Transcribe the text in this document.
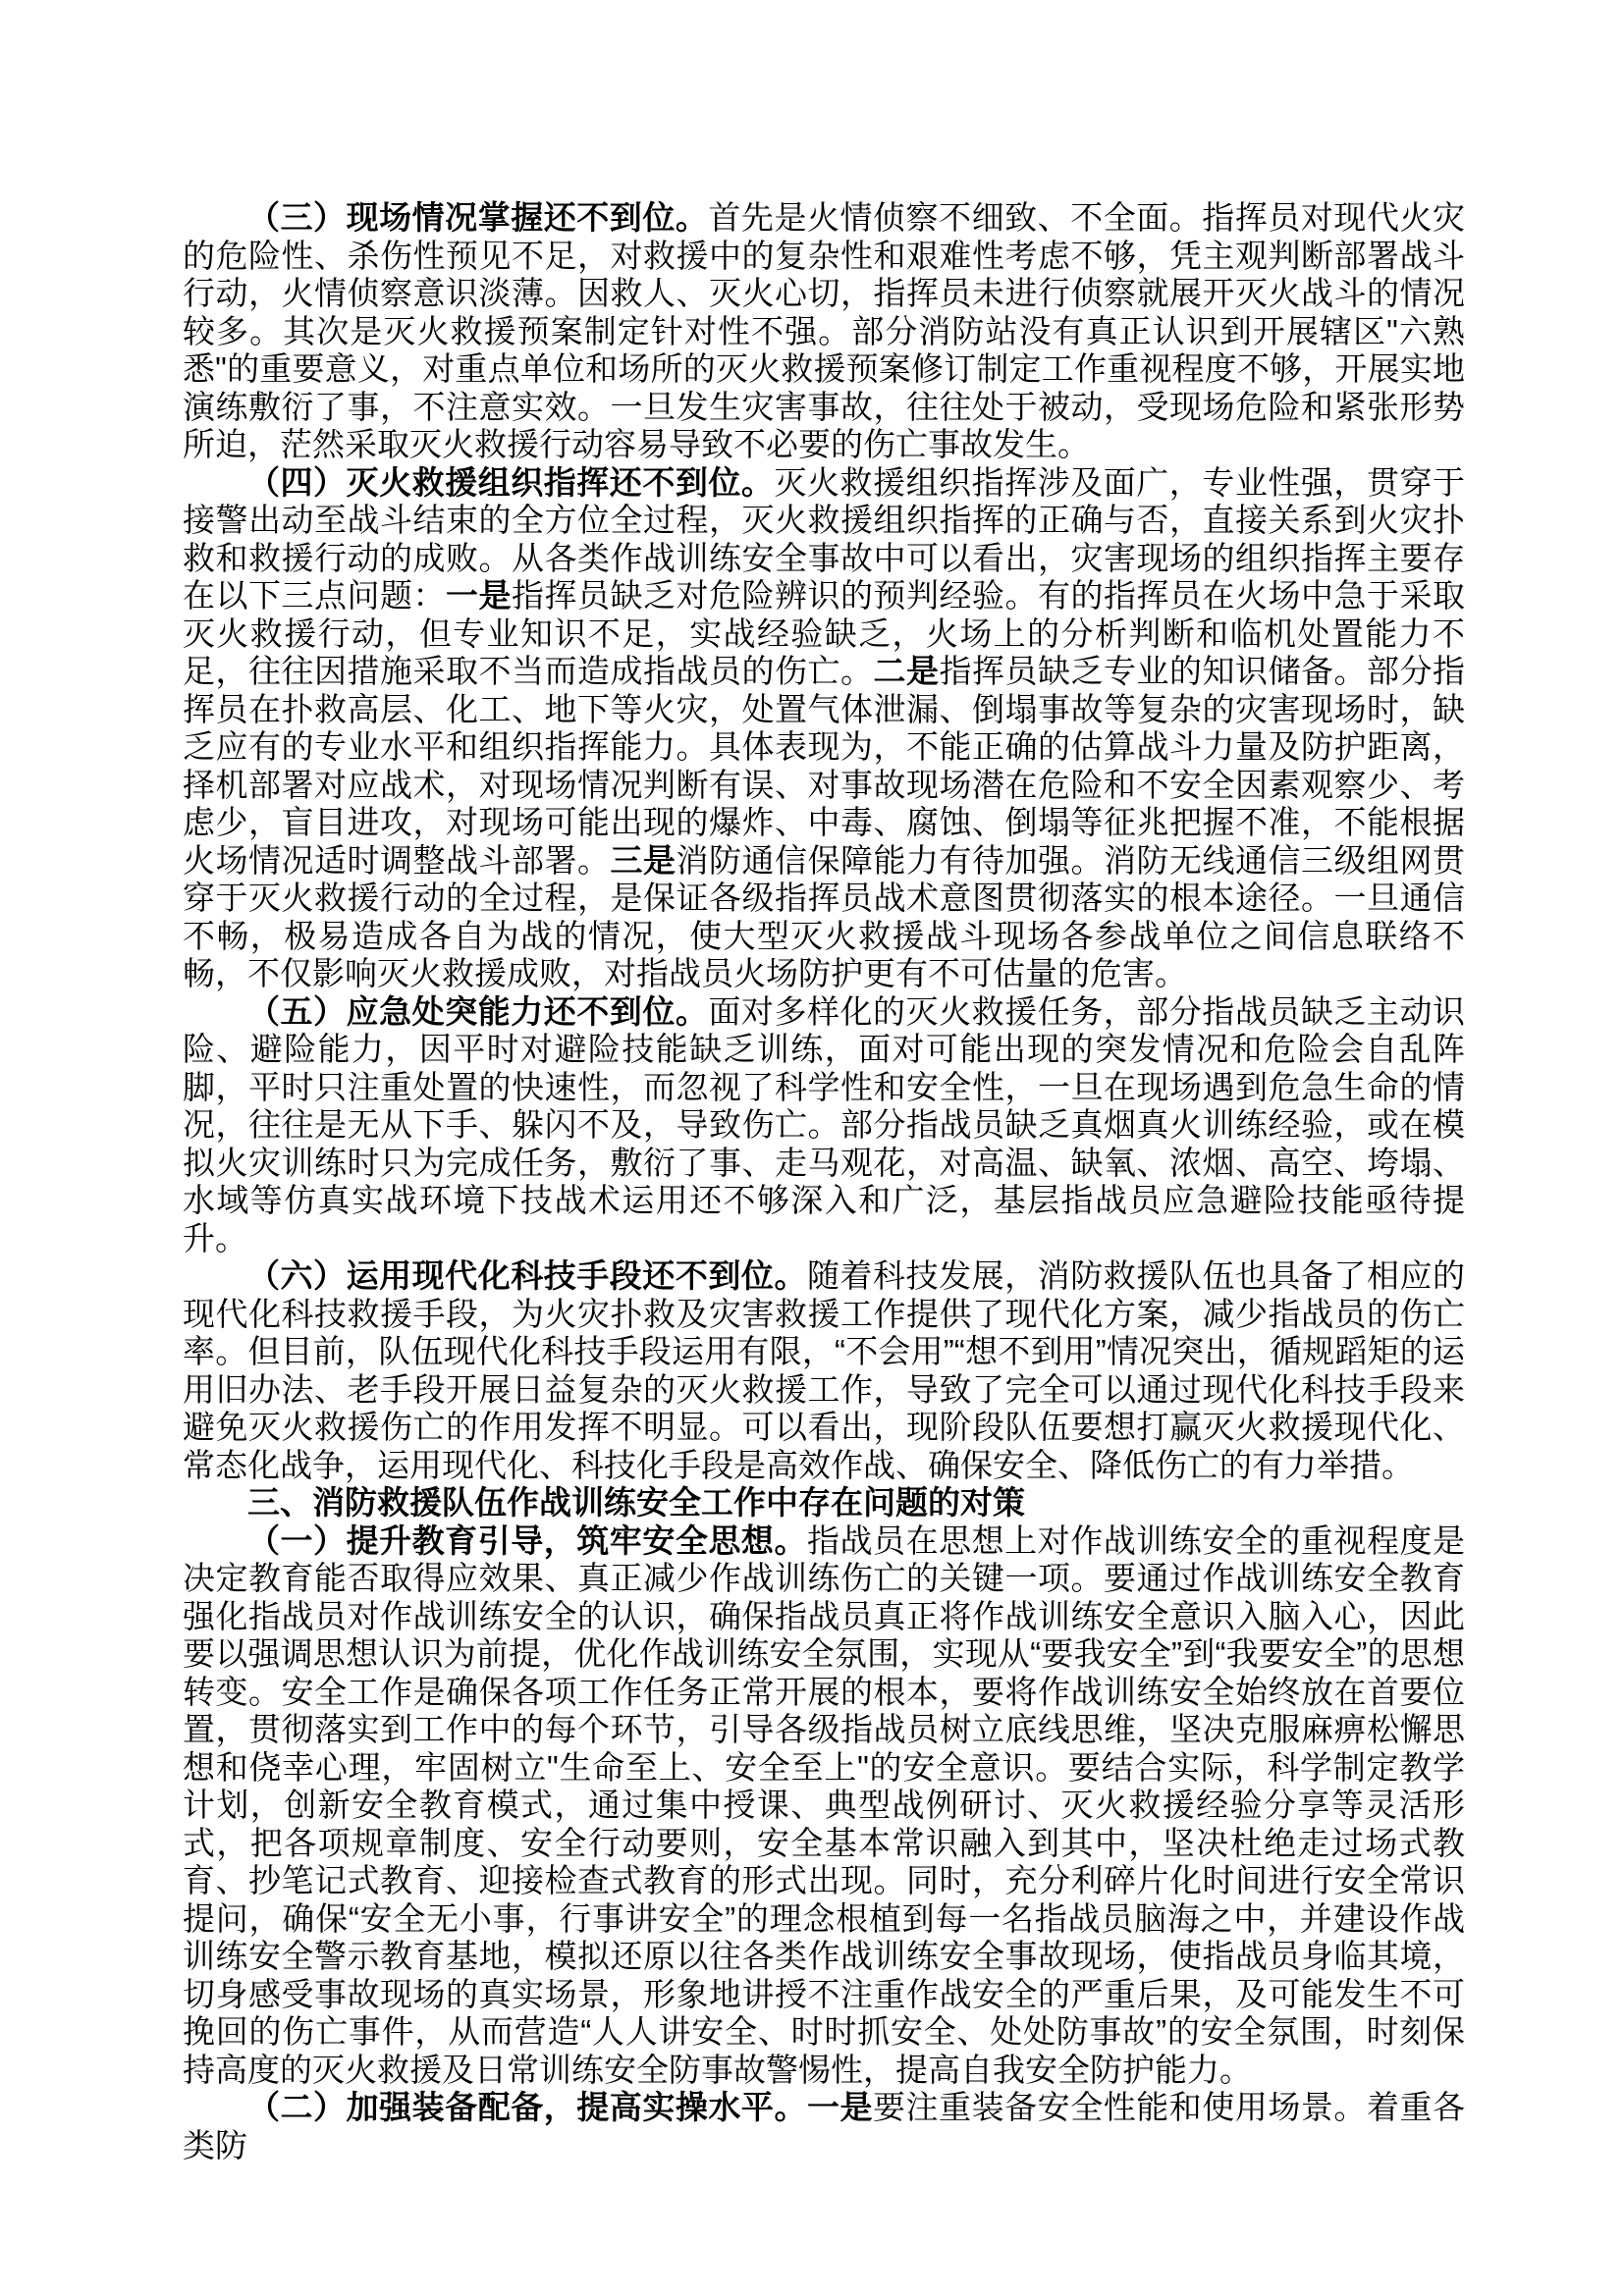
（三）现场情况掌握还不到位。首先是火情侦察不细致、不全面。指挥员对现代火灾的危险性、杀伤性预见不足，对救援中的复杂性和艰难性考虑不够，凭主观判断部署战斗行动，火情侦察意识淡薄。因救人、灭火心切，指挥员未进行侦察就展开灭火战斗的情况较多。其次是灭火救援预案制定针对性不强。部分消防站没有真正认识到开展辖区"六熟悉"的重要意义，对重点单位和场所的灭火救援预案修订制定工作重视程度不够，开展实地演练敷衍了事，不注意实效。一旦发生灾害事故，往往处于被动，受现场危险和紧张形势所迫，茫然采取灭火救援行动容易导致不必要的伤亡事故发生。

（四）灭火救援组织指挥还不到位。灭火救援组织指挥涉及面广，专业性强，贯穿于接警出动至战斗结束的全方位全过程，灭火救援组织指挥的正确与否，直接关系到火灾扑救和救援行动的成败。从各类作战训练安全事故中可以看出，灾害现场的组织指挥主要存在以下三点问题：一是指挥员缺乏对危险辨识的预判经验。有的指挥员在火场中急于采取灭火救援行动，但专业知识不足，实战经验缺乏，火场上的分析判断和临机处置能力不足，往往因措施采取不当而造成指战员的伤亡。二是指挥员缺乏专业的知识储备。部分指挥员在扑救高层、化工、地下等火灾，处置气体泄漏、倒塌事故等复杂的灾害现场时，缺乏应有的专业水平和组织指挥能力。具体表现为，不能正确的估算战斗力量及防护距离，择机部署对应战术，对现场情况判断有误、对事故现场潜在危险和不安全因素观察少、考虑少，盲目进攻，对现场可能出现的爆炸、中毒、腐蚀、倒塌等征兆把握不准，不能根据火场情况适时调整战斗部署。三是消防通信保障能力有待加强。消防无线通信三级组网贯穿于灭火救援行动的全过程，是保证各级指挥员战术意图贯彻落实的根本途径。一旦通信不畅，极易造成各自为战的情况，使大型灭火救援战斗现场各参战单位之间信息联络不畅，不仅影响灭火救援成败，对指战员火场防护更有不可估量的危害。

（五）应急处突能力还不到位。面对多样化的灭火救援任务，部分指战员缺乏主动识险、避险能力，因平时对避险技能缺乏训练，面对可能出现的突发情况和危险会自乱阵脚，平时只注重处置的快速性，而忽视了科学性和安全性，一旦在现场遇到危急生命的情况，往往是无从下手、躲闪不及，导致伤亡。部分指战员缺乏真烟真火训练经验，或在模拟火灾训练时只为完成任务，敷衍了事、走马观花，对高温、缺氧、浓烟、高空、垮塌、水域等仿真实战环境下技战术运用还不够深入和广泛，基层指战员应急避险技能亟待提升。

（六）运用现代化科技手段还不到位。随着科技发展，消防救援队伍也具备了相应的现代化科技救援手段，为火灾扑救及灾害救援工作提供了现代化方案，减少指战员的伤亡率。但目前，队伍现代化科技手段运用有限，“不会用”“想不到用”情况突出，循规蹈矩的运用旧办法、老手段开展日益复杂的灭火救援工作，导致了完全可以通过现代化科技手段来避免灭火救援伤亡的作用发挥不明显。可以看出，现阶段队伍要想打赢灭火救援现代化、常态化战争，运用现代化、科技化手段是高效作战、确保安全、降低伤亡的有力举措。

三、消防救援队伍作战训练安全工作中存在问题的对策

（一）提升教育引导，筑牢安全思想。指战员在思想上对作战训练安全的重视程度是决定教育能否取得应效果、真正减少作战训练伤亡的关键一项。要通过作战训练安全教育强化指战员对作战训练安全的认识，确保指战员真正将作战训练安全意识入脑入心，因此要以强调思想认识为前提，优化作战训练安全氛围，实现从“要我安全”到“我要安全”的思想转变。安全工作是确保各项工作任务正常开展的根本，要将作战训练安全始终放在首要位置，贯彻落实到工作中的每个环节，引导各级指战员树立底线思维，坚决克服麻痹松懈思想和侥幸心理，牢固树立"生命至上、安全至上"的安全意识。要结合实际，科学制定教学计划，创新安全教育模式，通过集中授课、典型战例研讨、灭火救援经验分享等灵活形式，把各项规章制度、安全行动要则，安全基本常识融入到其中，坚决杜绝走过场式教育、抄笔记式教育、迎接检查式教育的形式出现。同时，充分利碎片化时间进行安全常识提问，确保“安全无小事，行事讲安全”的理念根植到每一名指战员脑海之中，并建设作战训练安全警示教育基地，模拟还原以往各类作战训练安全事故现场，使指战员身临其境，切身感受事故现场的真实场景，形象地讲授不注重作战安全的严重后果，及可能发生不可挽回的伤亡事件，从而营造“人人讲安全、时时抓安全、处处防事故”的安全氛围，时刻保持高度的灭火救援及日常训练安全防事故警惕性，提高自我安全防护能力。

（二）加强装备配备，提高实操水平。一是要注重装备安全性能和使用场景。着重各类防
